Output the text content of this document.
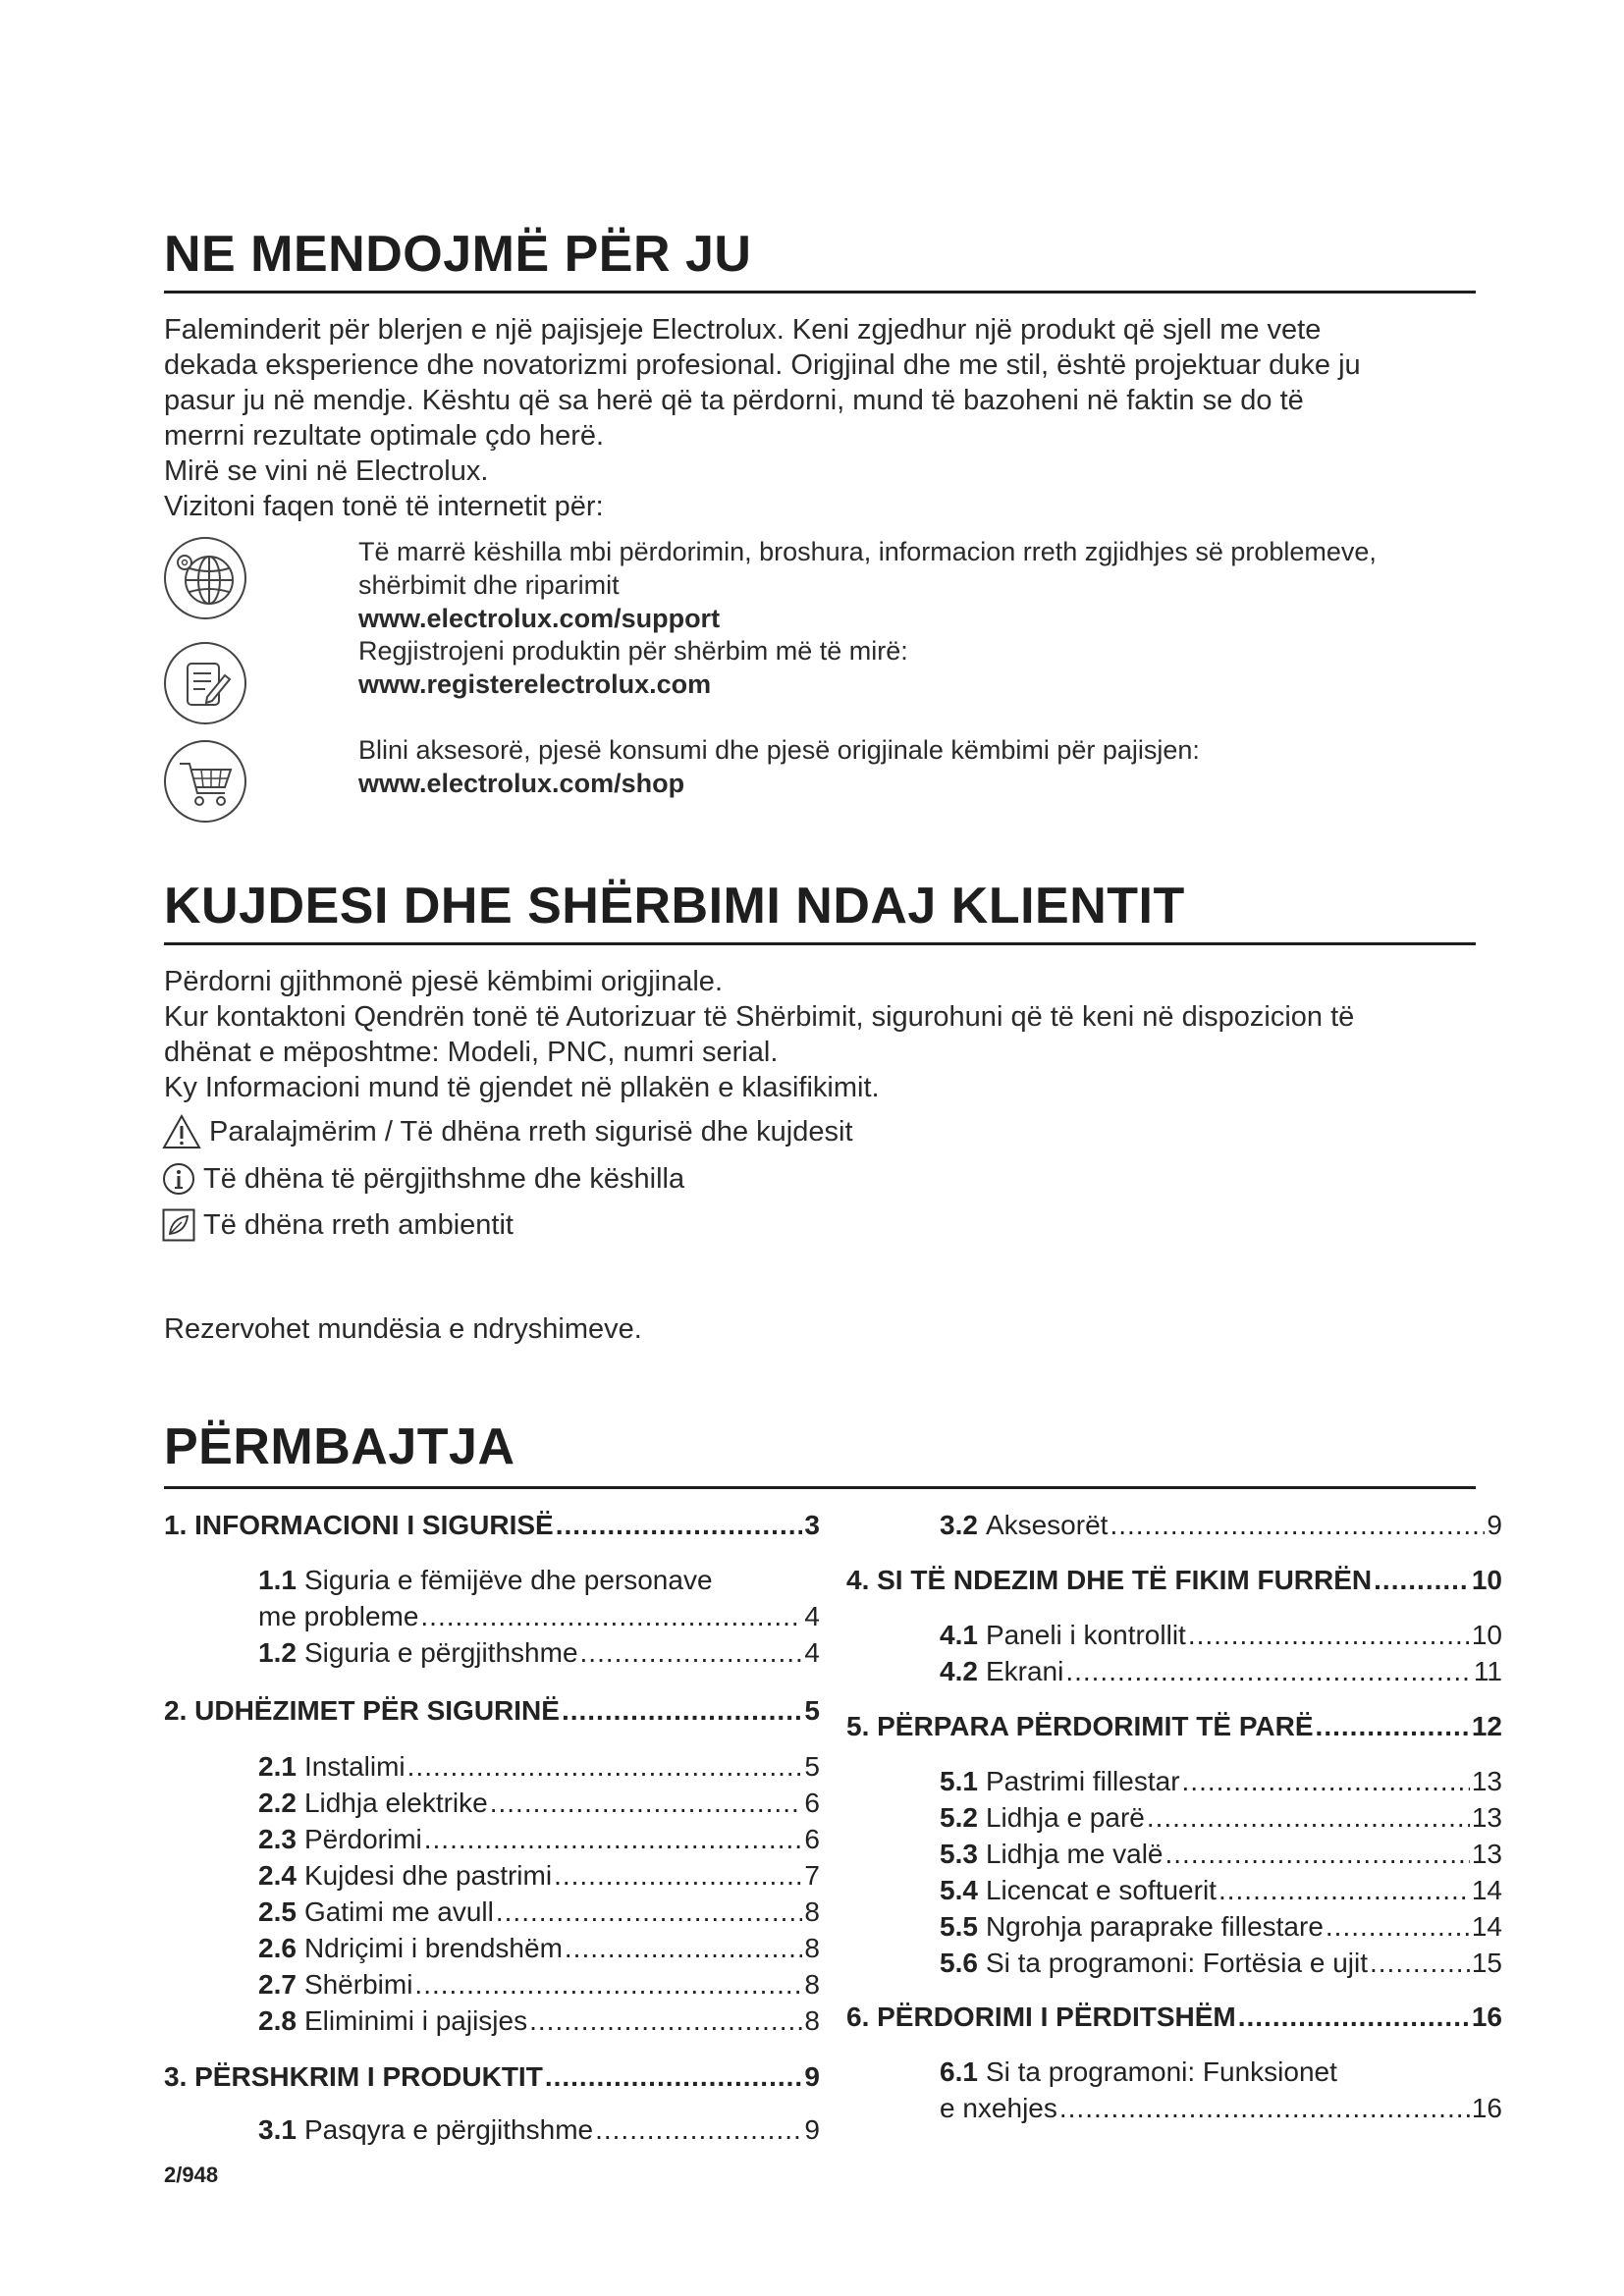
NE MENDOJMË PËR JU
Faleminderit për blerjen e një pajisjeje Electrolux. Keni zgjedhur një produkt që sjell me vete
dekada eksperience dhe novatorizmi profesional. Origjinal dhe me stil, është projektuar duke ju
pasur ju në mendje. Kështu që sa herë që ta përdorni, mund të bazoheni në faktin se do të
merrni rezultate optimale çdo herë.
Mirë se vini në Electrolux.
Vizitoni faqen tonë të internetit për:
Të marrë këshilla mbi përdorimin, broshura, informacion rreth zgjidhjes së problemeve,
shërbimit dhe riparimit
www.electrolux.com/support
Regjistrojeni produktin për shërbim më të mirë:
www.registerelectrolux.com
Blini aksesorë, pjesë konsumi dhe pjesë origjinale këmbimi për pajisjen:
www.electrolux.com/shop
KUJDESI DHE SHËRBIMI NDAJ KLIENTIT
Përdorni gjithmonë pjesë këmbimi origjinale.
Kur kontaktoni Qendrën tonë të Autorizuar të Shërbimit, sigurohuni që të keni në dispozicion të
dhënat e mëposhtme: Modeli, PNC, numri serial.
Ky Informacioni mund të gjendet në pllakën e klasifikimit.
Paralajmërim / Të dhëna rreth sigurisë dhe kujdesit
Të dhëna të përgjithshme dhe këshilla
Të dhëna rreth ambientit
Rezervohet mundësia e ndryshimeve.
PËRMBAJTJA
1. INFORMACIONI I SIGURISË .....	3
1.1 Siguria e fëmijëve dhe personave
me probleme .....	4
1.2 Siguria e përgjithshme .....	4
2. UDHËZIMET PËR SIGURINË .....	5
2.1 Instalimi .....	5
2.2 Lidhja elektrike .....	6
2.3 Përdorimi .....	6
2.4 Kujdesi dhe pastrimi .....	7
2.5 Gatimi me avull .....	8
2.6 Ndriçimi i brendshëm .....	8
2.7 Shërbimi .....	8
2.8 Eliminimi i pajisjes .....	8
3. PËRSHKRIM I PRODUKTIT .....	9
3.1 Pasqyra e përgjithshme .....	9
3.2 Aksesorët .....	9
4. SI TË NDEZIM DHE TË FIKIM FURRËN .....	10
4.1 Paneli i kontrollit .....	10
4.2 Ekrani .....	11
5. PËRPARA PËRDORIMIT TË PARË .....	12
5.1 Pastrimi fillestar .....	13
5.2 Lidhja e parë .....	13
5.3 Lidhja me valë .....	13
5.4 Licencat e softuerit .....	14
5.5 Ngrohja paraprake fillestare .....	14
5.6 Si ta programoni: Fortësia e ujit .....	15
6. PËRDORIMI I PËRDITSHËM .....	16
6.1 Si ta programoni: Funksionet
e nxehjes .....	16
2/948
